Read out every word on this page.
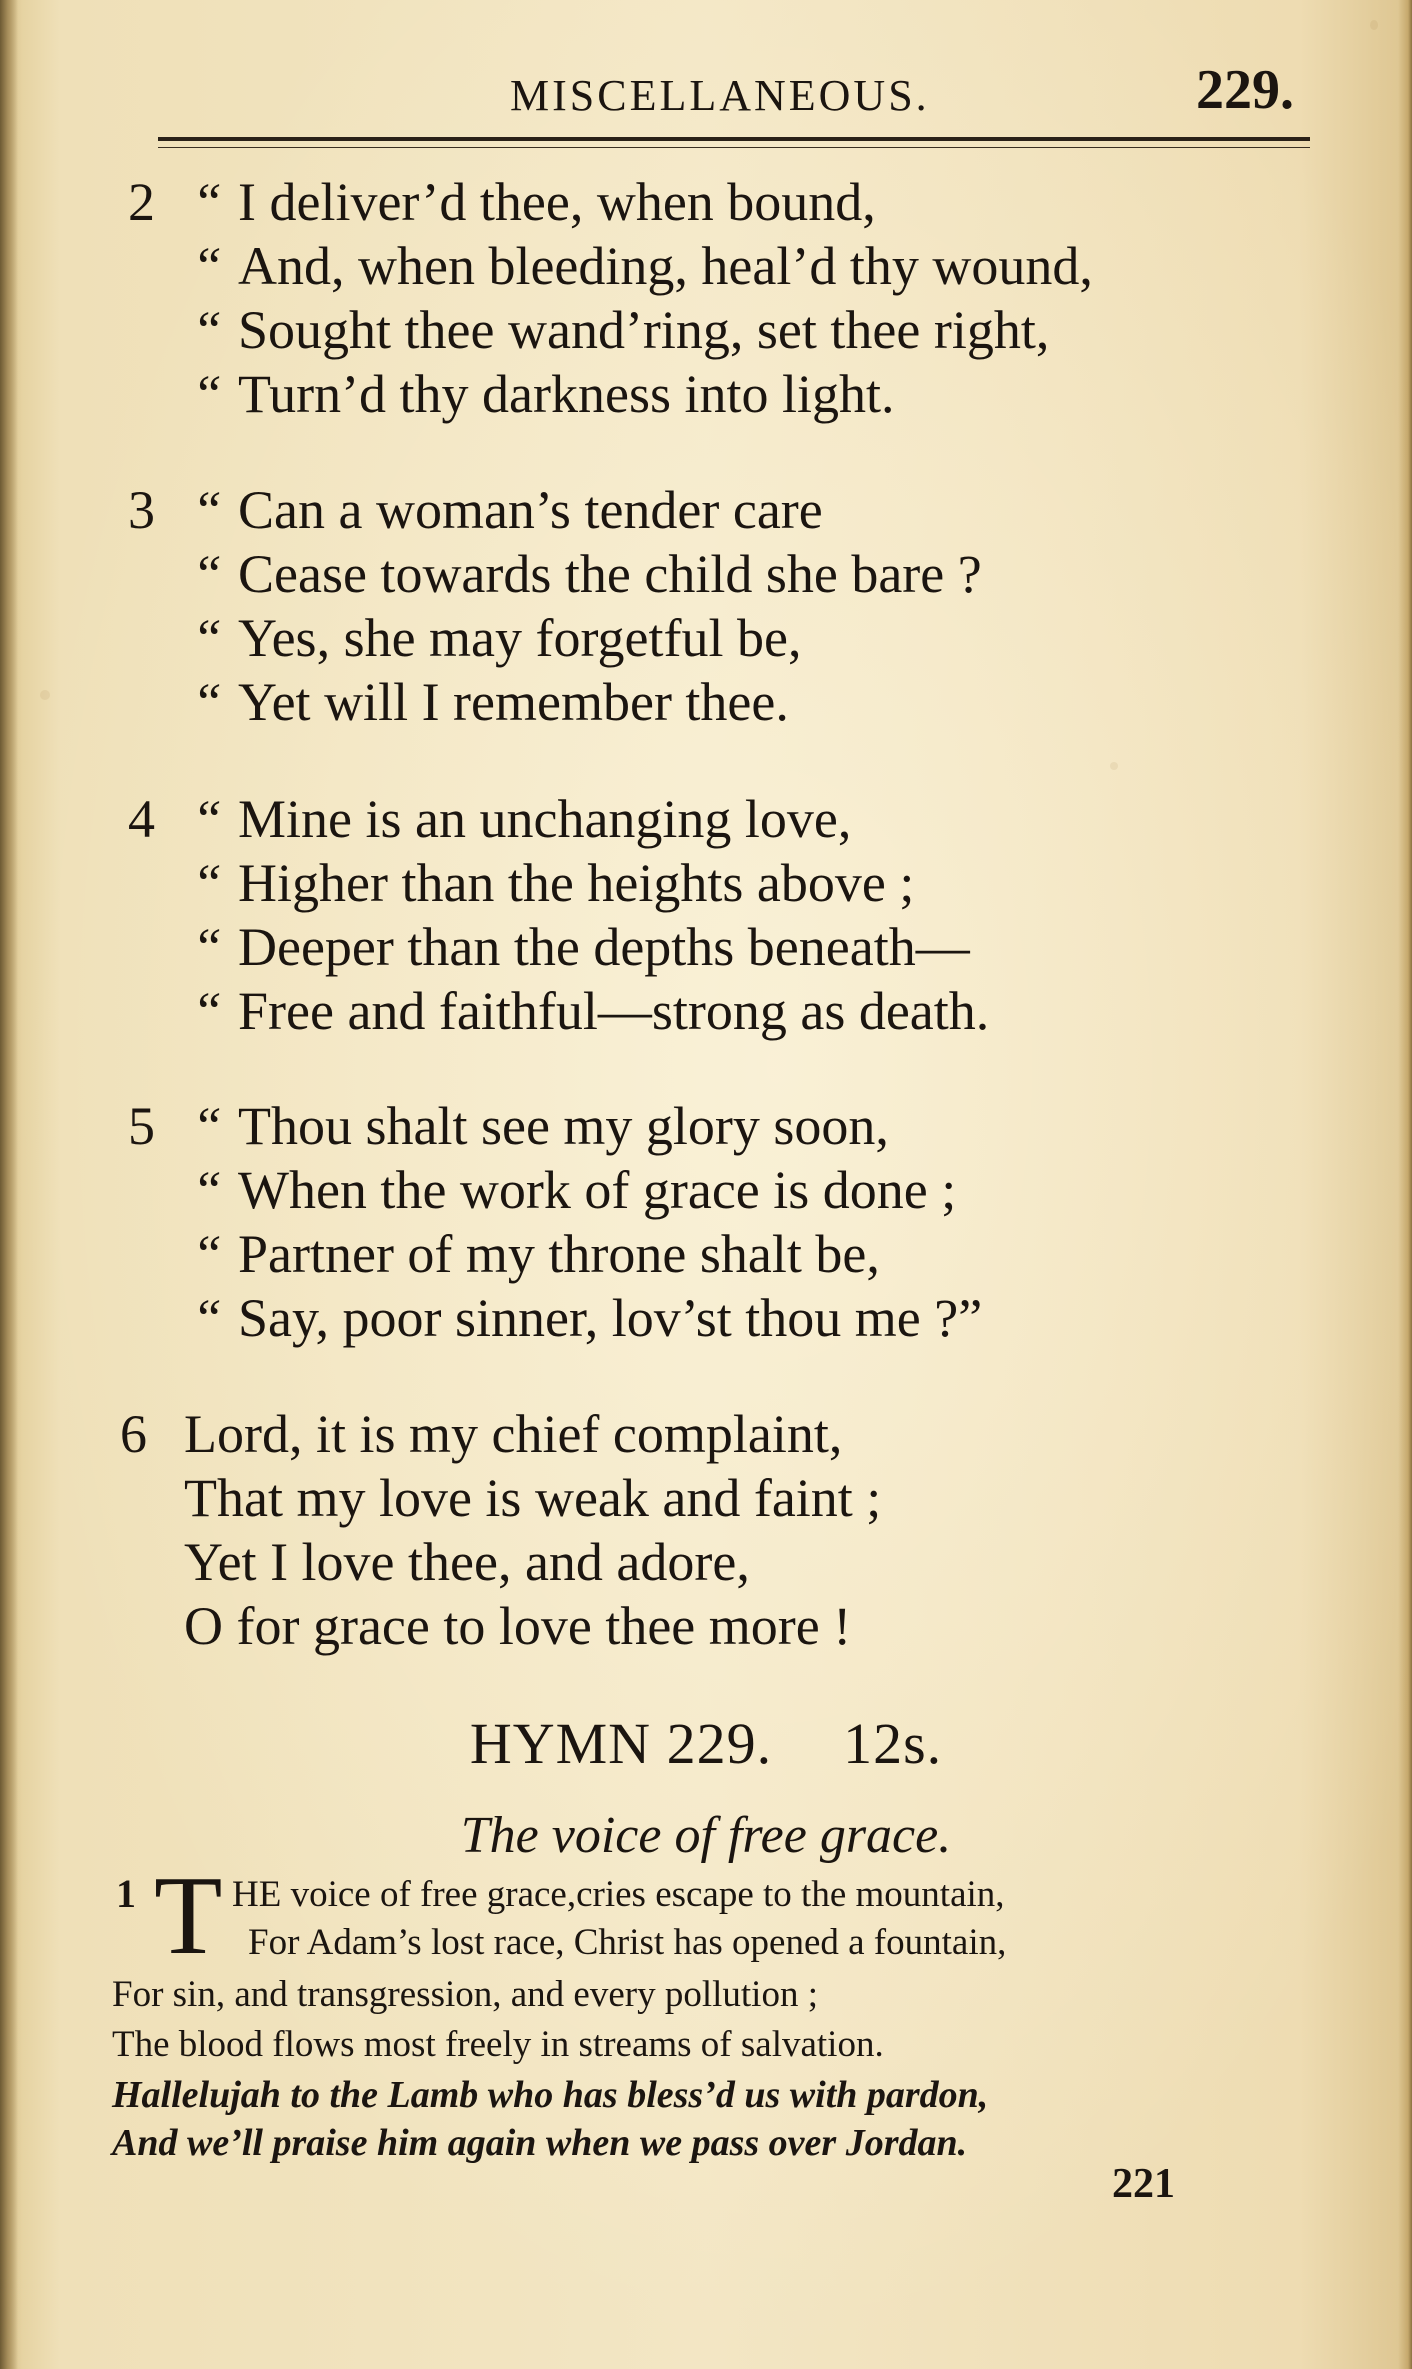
MISCELLANEOUS.	229.
2 “ I deliver’d thee, when bound,
“ And, when bleeding, heal’d thy wound,
“ Sought thee wand’ring, set thee right,
“ Turn’d thy darkness into light.
3 “ Can a woman’s tender care
“ Cease towards the child she bare ?
“ Yes, she may forgetful be,
“ Yet will I remember thee.
4 “ Mine is an unchanging love,
“ Higher than the heights above ;
“ Deeper than the depths beneath—
“ Free and faithful—strong as death.
5 “ Thou shalt see my glory soon,
“ When the work of grace is done ;
“ Partner of my throne shalt be,
“ Say, poor sinner, lov’st thou me ?”
6 Lord, it is my chief complaint,
That my love is weak and faint ;
Yet I love thee, and adore,
O for grace to love thee more !
HYMN 229. 12s.
The voice of free grace.
1 T HE voice of free grace,cries escape to the mountain,
For Adam’s lost race, Christ has opened a fountain,
For sin, and transgression, and every pollution ;
The blood flows most freely in streams of salvation.
Hallelujah to the Lamb who has bless’d us with pardon,
And we’ll praise him again when we pass over Jordan.
221
